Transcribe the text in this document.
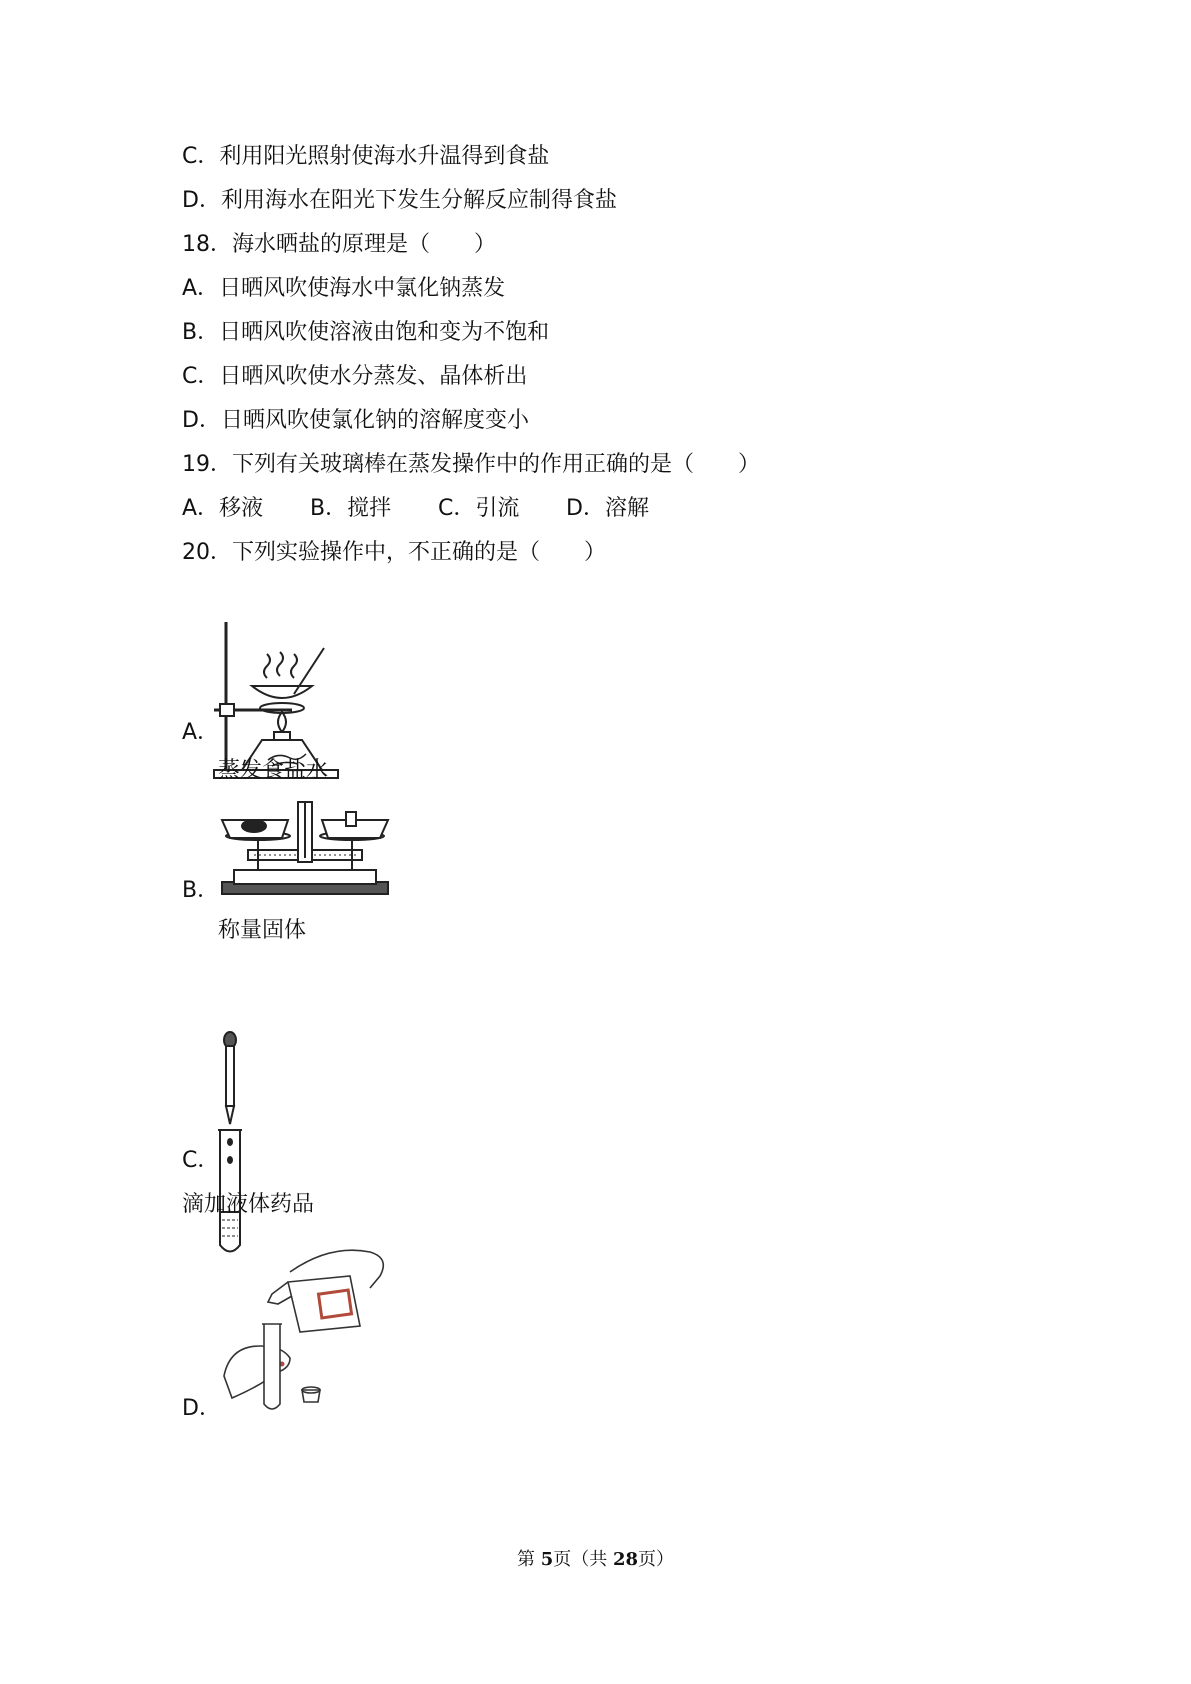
C．利用阳光照射使海水升温得到食盐
D．利用海水在阳光下发生分解反应制得食盐
18．海水晒盐的原理是（　　）
A．日晒风吹使海水中氯化钠蒸发
B．日晒风吹使溶液由饱和变为不饱和
C．日晒风吹使水分蒸发、晶体析出
D．日晒风吹使氯化钠的溶解度变小
19．下列有关玻璃棒在蒸发操作中的作用正确的是（　　）
A．移液 B．搅拌 C．引流 D．溶解
20．下列实验操作中，不正确的是（　　）
A．
蒸发食盐水
B．
称量固体
C．
滴加液体药品
D．
第 5页（共 28页）
